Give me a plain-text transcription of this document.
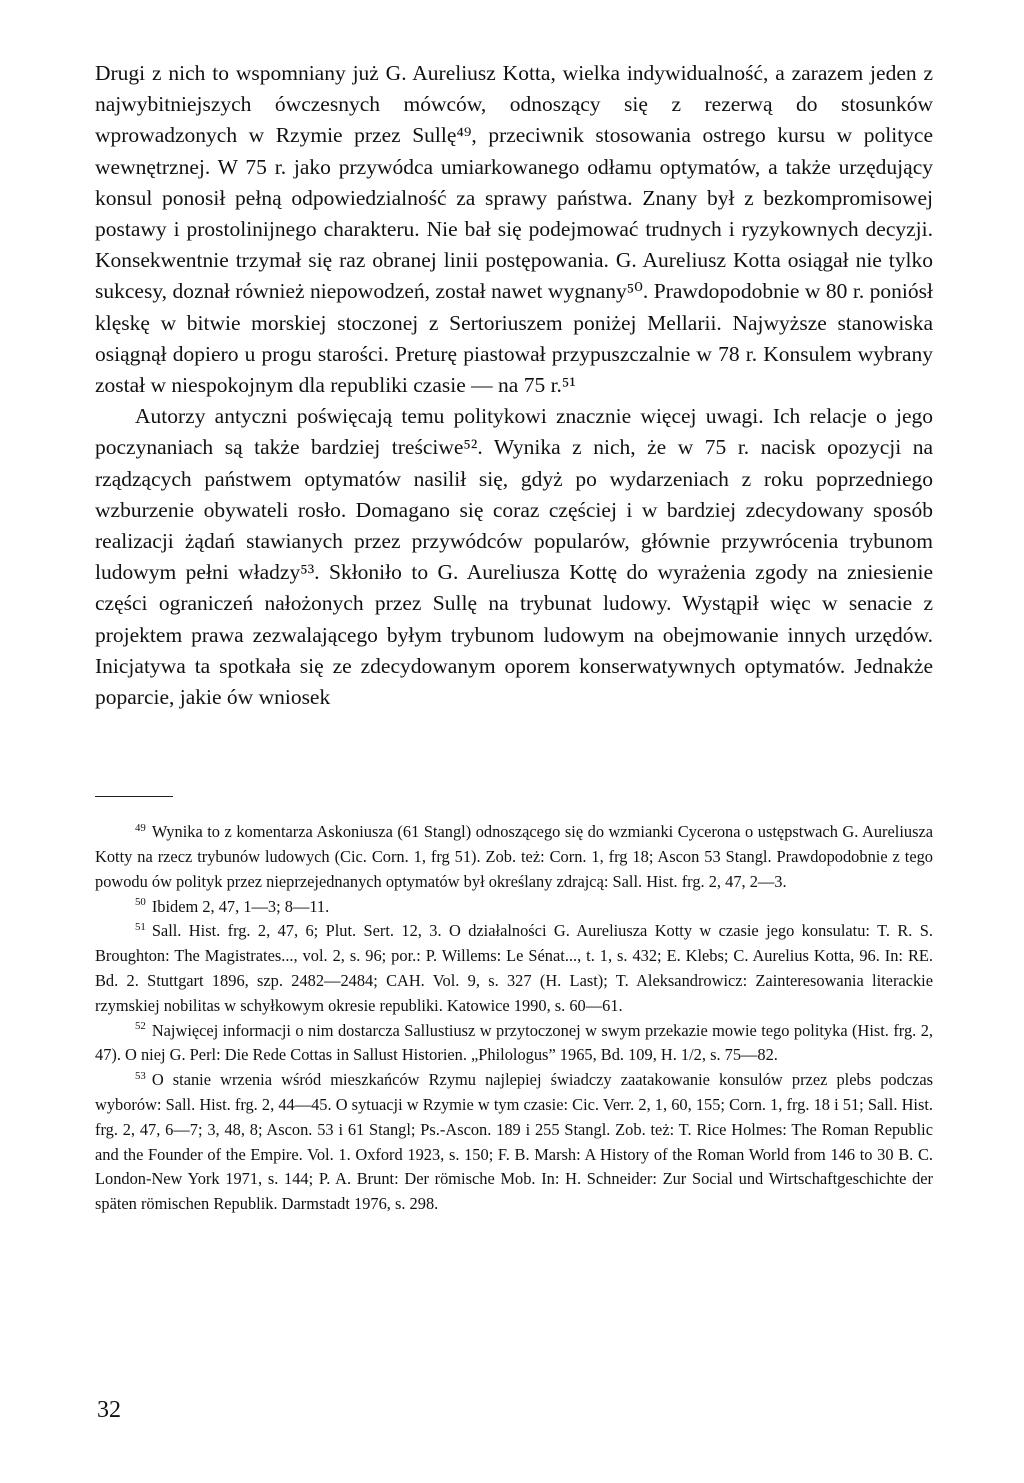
Drugi z nich to wspomniany już G. Aureliusz Kotta, wielka indywidualność, a zarazem jeden z najwybitniejszych ówczesnych mówców, odnoszący się z rezerwą do stosunków wprowadzonych w Rzymie przez Sullę⁴⁹, przeciwnik stosowania ostrego kursu w polityce wewnętrznej. W 75 r. jako przywódca umiarkowanego odłamu optymatów, a także urzędujący konsul ponosił pełną odpowiedzialność za sprawy państwa. Znany był z bezkompromisowej postawy i prostolinijnego charakteru. Nie bał się podejmować trudnych i ryzykownych decyzji. Konsekwentnie trzymał się raz obranej linii postępowania. G. Aureliusz Kotta osiągał nie tylko sukcesy, doznał również niepowodzeń, został nawet wygnany⁵⁰. Prawdopodobnie w 80 r. poniósł klęskę w bitwie morskiej stoczonej z Sertoriuszem poniżej Mellarii. Najwyższe stanowiska osiągnął dopiero u progu starości. Preturę piastował przypuszczalnie w 78 r. Konsulem wybrany został w niespokojnym dla republiki czasie — na 75 r.⁵¹

Autorzy antyczni poświęcają temu politykowi znacznie więcej uwagi. Ich relacje o jego poczynaniach są także bardziej treściwe⁵². Wynika z nich, że w 75 r. nacisk opozycji na rządzących państwem optymatów nasilił się, gdyż po wydarzeniach z roku poprzedniego wzburzenie obywateli rosło. Domagano się coraz częściej i w bardziej zdecydowany sposób realizacji żądań stawianych przez przywódców popularów, głównie przywrócenia trybunom ludowym pełni władzy⁵³. Skłoniło to G. Aureliusza Kottę do wyrażenia zgody na zniesienie części ograniczeń nałożonych przez Sullę na trybunat ludowy. Wystąpił więc w senacie z projektem prawa zezwalającego byłym trybunom ludowym na obejmowanie innych urzędów. Inicjatywa ta spotkała się ze zdecydowanym oporem konserwatywnych optymatów. Jednakże poparcie, jakie ów wniosek

$^{49}$ Wynika to z komentarza Askoniusza (61 Stangl) odnoszącego się do wzmianki Cycerona o ustępstwach G. Aureliusza Kotty na rzecz trybunów ludowych (Cic. Corn. 1, frg 51). Zob. też: Corn. 1, frg 18; Ascon 53 Stangl. Prawdopodobnie z tego powodu ów polityk przez nieprzejednanych optymatów był określany zdrajcą: Sall. Hist. frg. 2, 47, 2—3.

$^{50}$ Ibidem 2, 47, 1—3; 8—11.

$^{51}$ Sall. Hist. frg. 2, 47, 6; Plut. Sert. 12, 3. O działalności G. Aureliusza Kotty w czasie jego konsulatu: T. R. S. Broughton: The Magistrates..., vol. 2, s. 96; por.: P. Willems: Le Sénat..., t. 1, s. 432; E. Klebs; C. Aurelius Kotta, 96. In: RE. Bd. 2. Stuttgart 1896, szp. 2482—2484; CAH. Vol. 9, s. 327 (H. Last); T. Aleksandrowicz: Zainteresowania literackie rzymskiej nobilitas w schyłkowym okresie republiki. Katowice 1990, s. 60—61.

$^{52}$ Najwięcej informacji o nim dostarcza Sallustiusz w przytoczonej w swym przekazie mowie tego polityka (Hist. frg. 2, 47). O niej G. Perl: Die Rede Cottas in Sallust Historien. „Philologus” 1965, Bd. 109, H. 1/2, s. 75—82.

$^{53}$ O stanie wrzenia wśród mieszkańców Rzymu najlepiej świadczy zaatakowanie konsulów przez plebs podczas wyborów: Sall. Hist. frg. 2, 44—45. O sytuacji w Rzymie w tym czasie: Cic. Verr. 2, 1, 60, 155; Corn. 1, frg. 18 i 51; Sall. Hist. frg. 2, 47, 6—7; 3, 48, 8; Ascon. 53 i 61 Stangl; Ps.-Ascon. 189 i 255 Stangl. Zob. też: T. Rice Holmes: The Roman Republic and the Founder of the Empire. Vol. 1. Oxford 1923, s. 150; F. B. Marsh: A History of the Roman World from 146 to 30 B. C. London-New York 1971, s. 144; P. A. Brunt: Der römische Mob. In: H. Schneider: Zur Social und Wirtschaftgeschichte der späten römischen Republik. Darmstadt 1976, s. 298.

32
